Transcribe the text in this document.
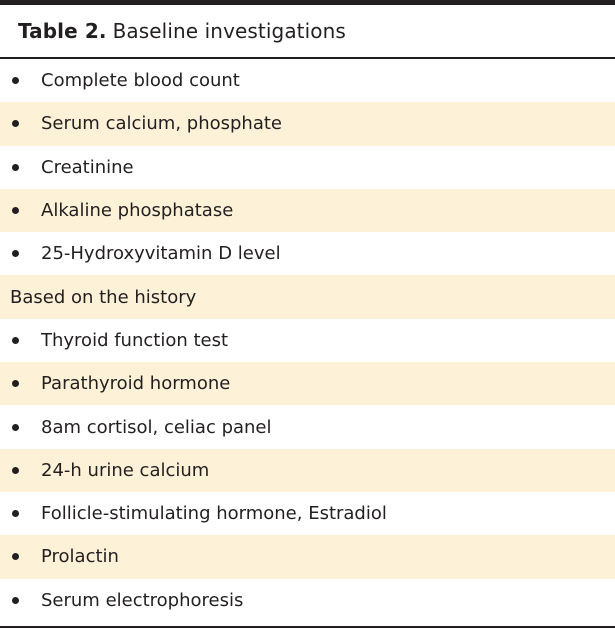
Table 2. Baseline investigations
Complete blood count
Serum calcium, phosphate
Creatinine
Alkaline phosphatase
25-Hydroxyvitamin D level
Based on the history
Thyroid function test
Parathyroid hormone
8am cortisol, celiac panel
24-h urine calcium
Follicle-stimulating hormone, Estradiol
Prolactin
Serum electrophoresis
